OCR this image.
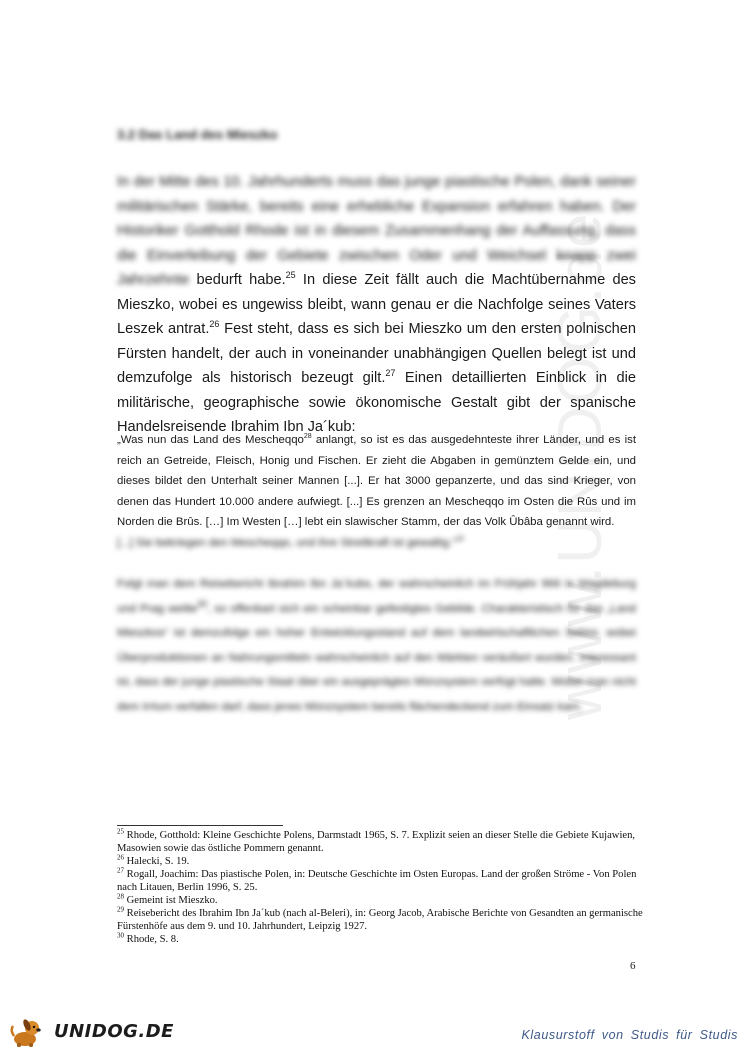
www.UNIDOG.de
3.2 Das Land des Mieszko

In der Mitte des 10. Jahrhunderts muss das junge piastische Polen, dank seiner militärischen Stärke, bereits eine erhebliche Expansion erfahren haben. Der Historiker Gotthold Rhode ist in diesem Zusammenhang der Auffassung, dass die Einverleibung der Gebiete zwischen Oder und Weichsel knapp zwei Jahrzehnte bedurft habe.$^{25}$ In diese Zeit fällt auch die Machtübernahme des Mieszko, wobei es ungewiss bleibt, wann genau er die Nachfolge seines Vaters Leszek antrat.$^{26}$ Fest steht, dass es sich bei Mieszko um den ersten polnischen Fürsten handelt, der auch in voneinander unabhängigen Quellen belegt ist und demzufolge als historisch bezeugt gilt.$^{27}$ Einen detaillierten Einblick in die militärische, geographische sowie ökonomische Gestalt gibt der spanische Handelsreisende Ibrahim Ibn Ja´kub:

„Was nun das Land des Mescheqqo$^{28}$ anlangt, so ist es das ausgedehnteste ihrer Länder, und es ist reich an Getreide, Fleisch, Honig und Fischen. Er zieht die Abgaben in gemünztem Gelde ein, und dieses bildet den Unterhalt seiner Mannen [...]. Er hat 3000 gepanzerte, und das sind Krieger, von denen das Hundert 10.000 andere aufwiegt. [...] Es grenzen an Mescheqqo im Osten die Rûs und im Norden die Brûs. […] Im Westen […] lebt ein slawischer Stamm, der das Volk Ûbâba genannt wird.
[...] Sie bekriegen den Mescheqqo, und ihre Streitkraft ist gewaltig.“$^{29}$

Folgt man dem Reisebericht Ibrahim Ibn Ja´kubs, der wahrscheinlich im Frühjahr 966 in Magdeburg und Prag weilte$^{30}$, so offenbart sich ein scheinbar gefestigtes Gebilde. Charakteristisch für das „Land Mieszkos“ ist demzufolge ein hoher Entwicklungsstand auf dem landwirtschaftlichen Sektor, wobei Überproduktionen an Nahrungsmitteln wahrscheinlich auf den Märkten veräußert wurden. Interessant ist, dass der junge piastische Staat über ein ausgeprägtes Münzsystem verfügt hatte. Wobei man nicht dem Irrtum verfallen darf, dass jenes Münzsystem bereits flächendeckend zum Einsatz kam.

$^{25}$ Rhode, Gotthold: Kleine Geschichte Polens, Darmstadt 1965, S. 7. Explizit seien an dieser Stelle die Gebiete Kujawien, Masowien sowie das östliche Pommern genannt.

$^{26}$ Halecki, S. 19.

$^{27}$ Rogall, Joachim: Das piastische Polen, in: Deutsche Geschichte im Osten Europas. Land der großen Ströme - Von Polen nach Litauen, Berlin 1996, S. 25.

$^{28}$ Gemeint ist Mieszko.

$^{29}$ Reisebericht des Ibrahim Ibn Ja´kub (nach al-Beleri), in: Georg Jacob, Arabische Berichte von Gesandten an germanische Fürstenhöfe aus dem 9. und 10. Jahrhundert, Leipzig 1927.

$^{30}$ Rhode, S. 8.

6
UNIDOG.DE	Klausurstoff von Studis für Studis
